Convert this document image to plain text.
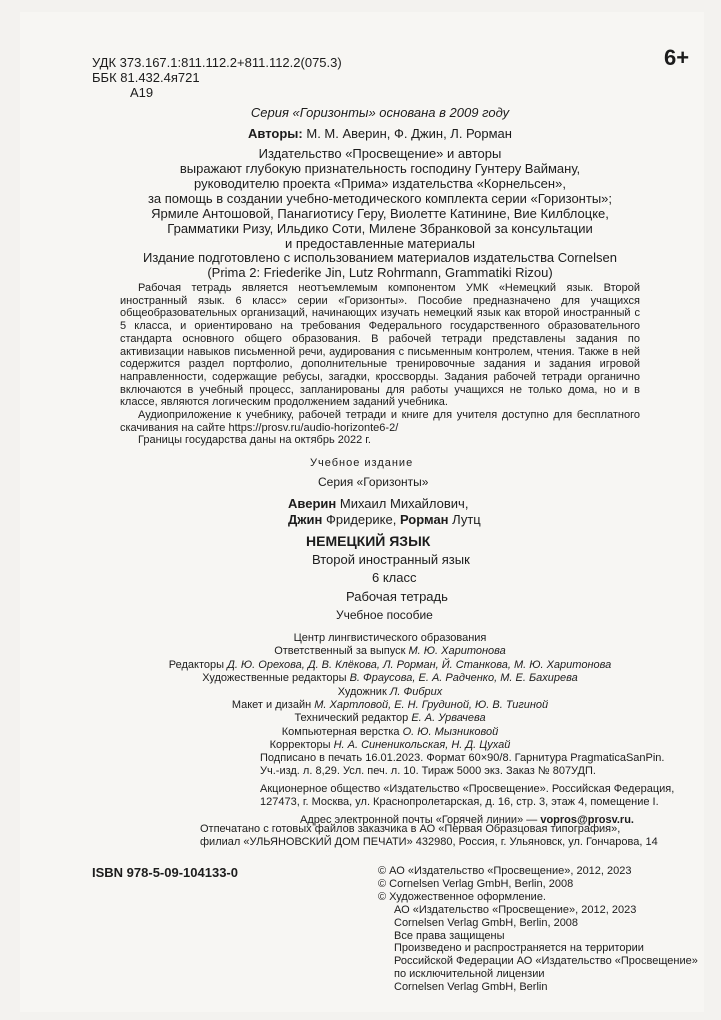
УДК 373.167.1:811.112.2+811.112.2(075.3)
ББК 81.432.4я721
А19
6+
Серия «Горизонты» основана в 2009 году
Авторы: М. М. Аверин, Ф. Джин, Л. Рорман
Издательство «Просвещение» и авторы
выражают глубокую признательность господину Гунтеру Вайману,
руководителю проекта «Прима» издательства «Корнельсен»,
за помощь в создании учебно-методического комплекта серии «Горизонты»;
Ярмиле Антошовой, Панагиотису Геру, Виолетте Катинине, Вие Килблоцке,
Грамматики Ризу, Ильдико Соти, Милене Збранковой за консультации
и предоставленные материалы
Издание подготовлено с использованием материалов издательства Cornelsen
(Prima 2: Friederike Jin, Lutz Rohrmann, Grammatiki Rizou)

Рабочая тетрадь является неотъемлемым компонентом УМК «Немецкий язык. Второй иностранный язык. 6 класс» серии «Горизонты». Пособие предназначено для учащихся общеобразовательных организаций, начинающих изучать немецкий язык как второй иностранный с 5 класса, и ориентировано на требования Федерального государственного образовательного стандарта основного общего образования. В рабочей тетради представлены задания по активизации навыков письменной речи, аудирования с письменным контролем, чтения. Также в ней содержится раздел портфолио, дополнительные тренировочные задания и задания игровой направленности, содержащие ребусы, загадки, кроссворды. Задания рабочей тетради органично включаются в учебный процесс, запланированы для работы учащихся не только дома, но и в классе, являются логическим продолжением заданий учебника.

Аудиоприложение к учебнику, рабочей тетради и книге для учителя доступно для бесплатного скачивания на сайте https://prosv.ru/audio-horizonte6-2/

Границы государства даны на октябрь 2022 г.

Учебное издание
Серия «Горизонты»
Аверин Михаил Михайлович,
Джин Фридерике, Рорман Лутц
НЕМЕЦКИЙ ЯЗЫК
Второй иностранный язык
6 класс
Рабочая тетрадь
Учебное пособие
Центр лингвистического образования
Ответственный за выпуск М. Ю. Харитонова
Редакторы Д. Ю. Орехова, Д. В. Клёкова, Л. Рорман, Й. Станкова, М. Ю. Харитонова
Художественные редакторы В. Фраусова, Е. А. Радченко, М. Е. Бахирева
Художник Л. Фибрих
Макет и дизайн М. Хартловой, Е. Н. Грудиной, Ю. В. Тигиной
Технический редактор Е. А. Урвачева
Компьютерная верстка О. Ю. Мызниковой
Корректоры Н. А. Синеникольская, Н. Д. Цухай
Подписано в печать 16.01.2023. Формат 60×90/8. Гарнитура PragmaticaSanPin.
Уч.-изд. л. 8,29. Усл. печ. л. 10. Тираж 5000 экз. Заказ № 807УДП.
Акционерное общество «Издательство «Просвещение». Российская Федерация,
127473, г. Москва, ул. Краснопролетарская, д. 16, стр. 3, этаж 4, помещение I.
Адрес электронной почты «Горячей линии» — vopros@prosv.ru.
Отпечатано с готовых файлов заказчика в АО «Первая Образцовая типография»,
филиал «УЛЬЯНОВСКИЙ ДОМ ПЕЧАТИ» 432980, Россия, г. Ульяновск, ул. Гончарова, 14
ISBN 978-5-09-104133-0	© АО «Издательство «Просвещение», 2012, 2023
© Cornelsen Verlag GmbH, Berlin, 2008
© Художественное оформление.
АО «Издательство «Просвещение», 2012, 2023
Cornelsen Verlag GmbH, Berlin, 2008
Все права защищены
Произведено и распространяется на территории
Российской Федерации АО «Издательство «Просвещение»
по исключительной лицензии
Cornelsen Verlag GmbH, Berlin
